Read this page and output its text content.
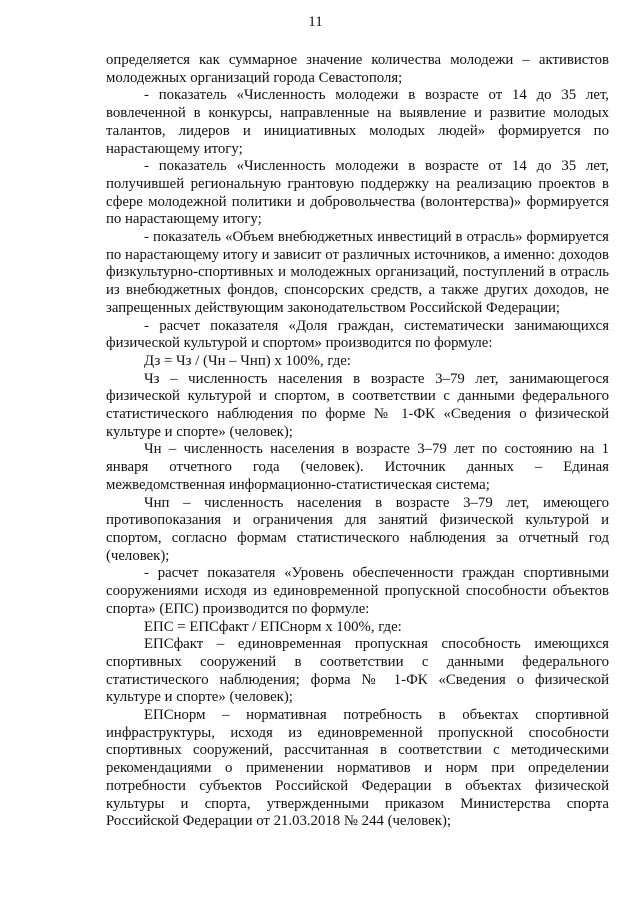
11

определяется как суммарное значение количества молодежи – активистов молодежных организаций города Севастополя;

- показатель «Численность молодежи в возрасте от 14 до 35 лет, вовлеченной в конкурсы, направленные на выявление и развитие молодых талантов, лидеров и инициативных молодых людей» формируется по нарастающему итогу;

- показатель «Численность молодежи в возрасте от 14 до 35 лет, получившей региональную грантовую поддержку на реализацию проектов в сфере молодежной политики и добровольчества (волонтерства)» формируется по нарастающему итогу;

- показатель «Объем внебюджетных инвестиций в отрасль» формируется по нарастающему итогу и зависит от различных источников, а именно: доходов физкультурно-спортивных и молодежных организаций, поступлений в отрасль из внебюджетных фондов, спонсорских средств, а также других доходов, не запрещенных действующим законодательством Российской Федерации;

- расчет показателя «Доля граждан, систематически занимающихся физической культурой и спортом» производится по формуле:

Дз = Чз / (Чн – Чнп) х 100%, где:

Чз – численность населения в возрасте 3–79 лет, занимающегося физической культурой и спортом, в соответствии с данными федерального статистического наблюдения по форме № 1-ФК «Сведения о физической культуре и спорте» (человек);

Чн – численность населения в возрасте 3–79 лет по состоянию на 1 января отчетного года (человек). Источник данных – Единая межведомственная информационно-статистическая система;

Чнп – численность населения в возрасте 3–79 лет, имеющего противопоказания и ограничения для занятий физической культурой и спортом, согласно формам статистического наблюдения за отчетный год (человек);

- расчет показателя «Уровень обеспеченности граждан спортивными сооружениями исходя из единовременной пропускной способности объектов спорта» (ЕПС) производится по формуле:

ЕПС = ЕПСфакт / ЕПСнорм х 100%, где:

ЕПСфакт – единовременная пропускная способность имеющихся спортивных сооружений в соответствии с данными федерального статистического наблюдения; форма № 1-ФК «Сведения о физической культуре и спорте» (человек);

ЕПСнорм – нормативная потребность в объектах спортивной инфраструктуры, исходя из единовременной пропускной способности спортивных сооружений, рассчитанная в соответствии с методическими рекомендациями о применении нормативов и норм при определении потребности субъектов Российской Федерации в объектах физической культуры и спорта, утвержденными приказом Министерства спорта Российской Федерации от 21.03.2018 № 244 (человек);
